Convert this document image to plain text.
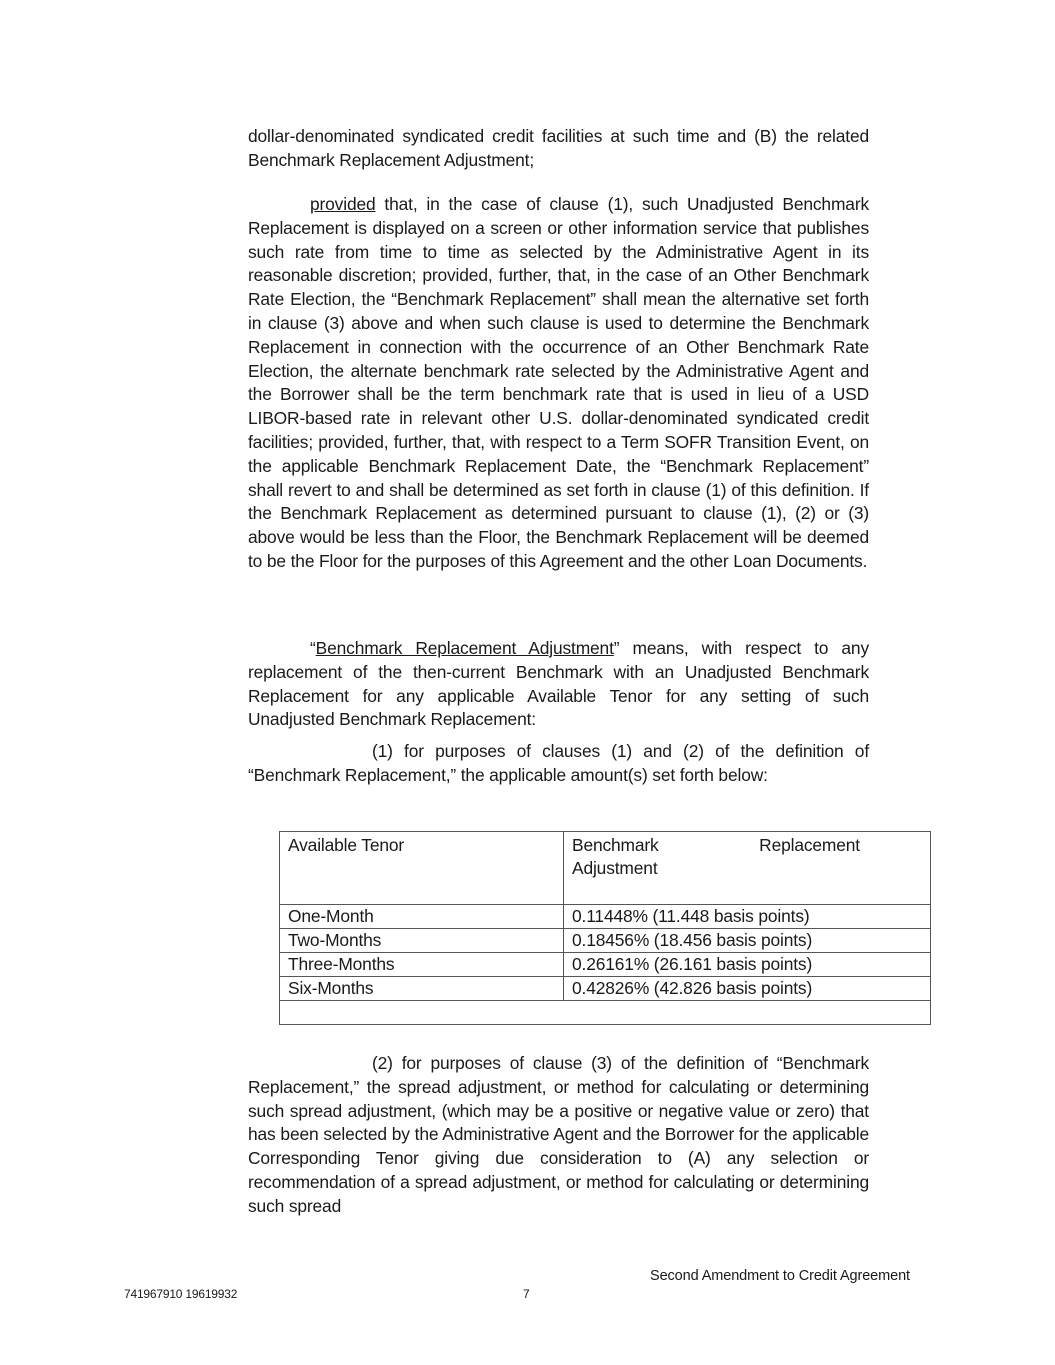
dollar-denominated syndicated credit facilities at such time and (B) the related Benchmark Replacement Adjustment;

provided that, in the case of clause (1), such Unadjusted Benchmark Replacement is displayed on a screen or other information service that publishes such rate from time to time as selected by the Administrative Agent in its reasonable discretion; provided, further, that, in the case of an Other Benchmark Rate Election, the “Benchmark Replacement” shall mean the alternative set forth in clause (3) above and when such clause is used to determine the Benchmark Replacement in connection with the occurrence of an Other Benchmark Rate Election, the alternate benchmark rate selected by the Administrative Agent and the Borrower shall be the term benchmark rate that is used in lieu of a USD LIBOR-based rate in relevant other U.S. dollar-denominated syndicated credit facilities; provided, further, that, with respect to a Term SOFR Transition Event, on the applicable Benchmark Replacement Date, the “Benchmark Replacement” shall revert to and shall be determined as set forth in clause (1) of this definition. If the Benchmark Replacement as determined pursuant to clause (1), (2) or (3) above would be less than the Floor, the Benchmark Replacement will be deemed to be the Floor for the purposes of this Agreement and the other Loan Documents.

“Benchmark Replacement Adjustment” means, with respect to any replacement of the then-current Benchmark with an Unadjusted Benchmark Replacement for any applicable Available Tenor for any setting of such Unadjusted Benchmark Replacement:

(1) for purposes of clauses (1) and (2) of the definition of “Benchmark Replacement,” the applicable amount(s) set forth below:

Available Tenor	Benchmark Replacement
Adjustment

One-Month	0.11448% (11.448 basis points)
Two-Months	0.18456% (18.456 basis points)
Three-Months	0.26161% (26.161 basis points)
Six-Months	0.42826% (42.826 basis points)

(2) for purposes of clause (3) of the definition of “Benchmark Replacement,” the spread adjustment, or method for calculating or determining such spread adjustment, (which may be a positive or negative value or zero) that has been selected by the Administrative Agent and the Borrower for the applicable Corresponding Tenor giving due consideration to (A) any selection or recommendation of a spread adjustment, or method for calculating or determining such spread

Second Amendment to Credit Agreement
741967910 19619932	7
